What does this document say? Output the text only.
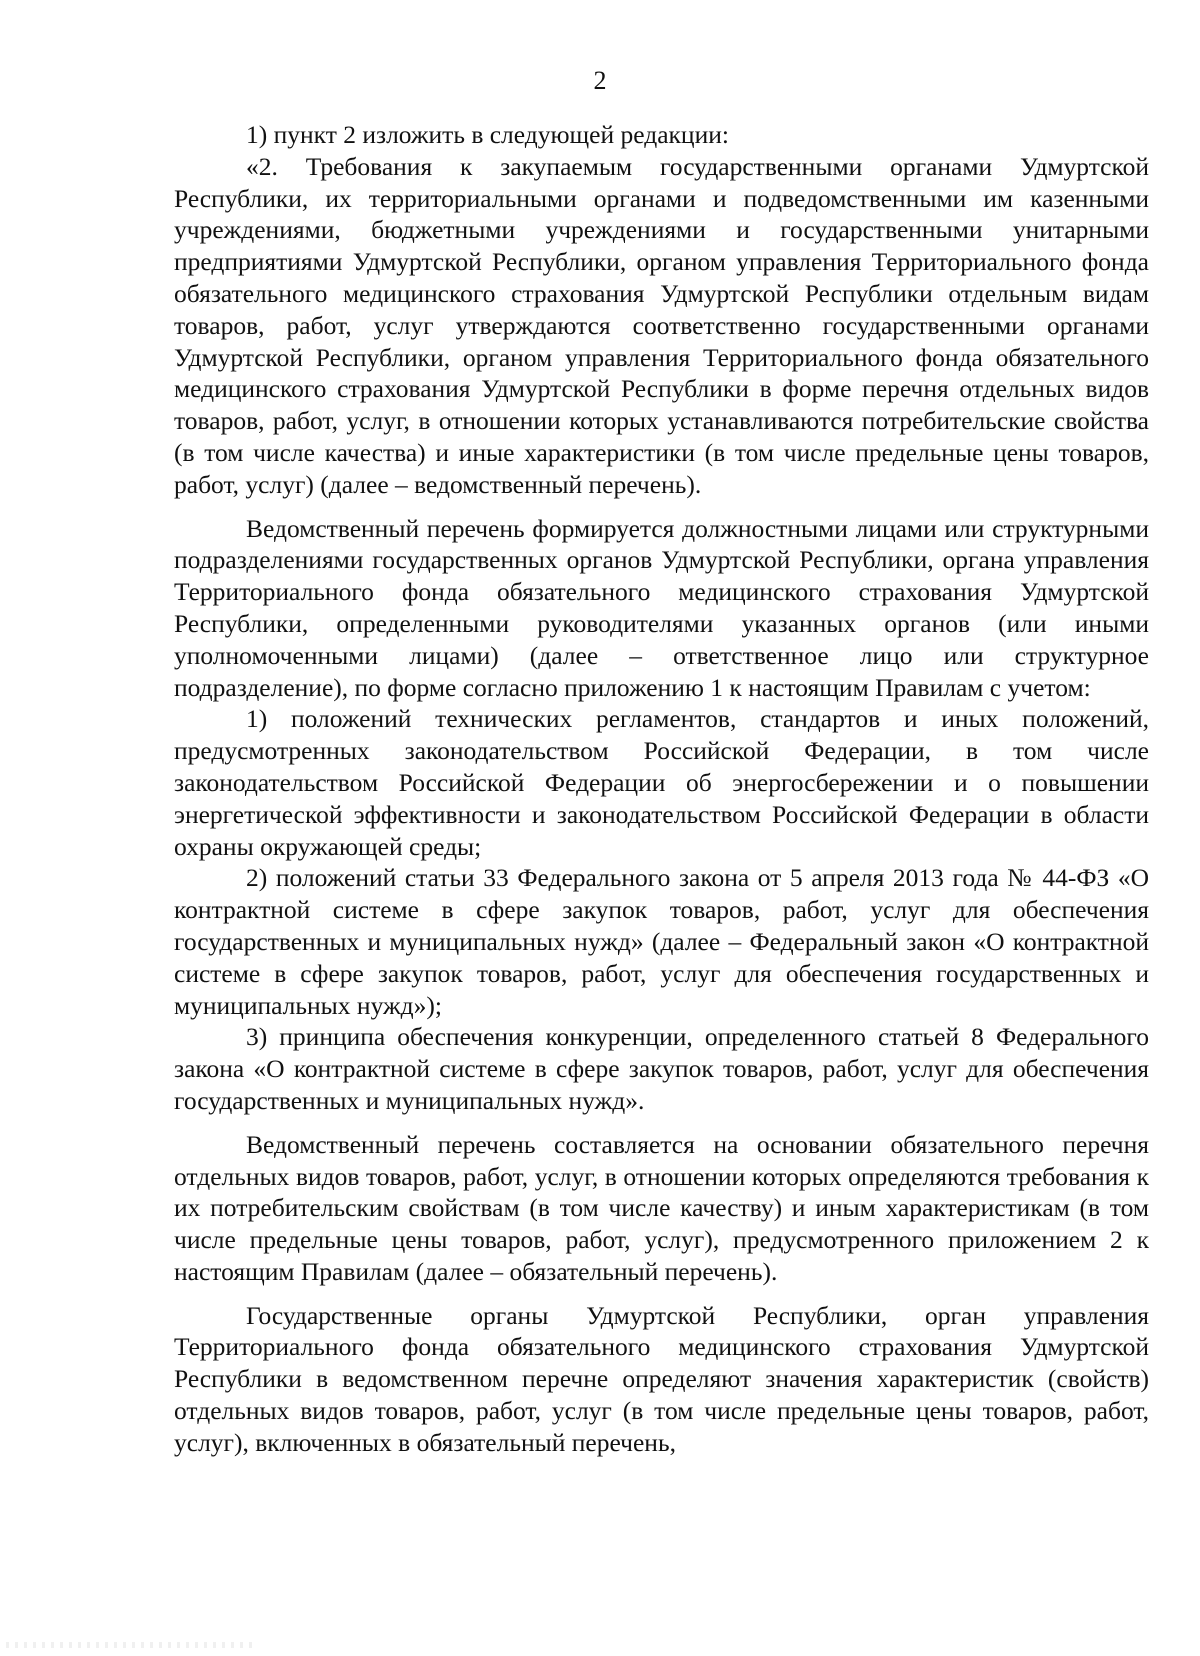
2

1) пункт 2 изложить в следующей редакции:

«2. Требования к закупаемым государственными органами Удмуртской Республики, их территориальными органами и подведомственными им казенными учреждениями, бюджетными учреждениями и государственными унитарными предприятиями Удмуртской Республики, органом управления Территориального фонда обязательного медицинского страхования Удмуртской Республики отдельным видам товаров, работ, услуг утверждаются соответственно государственными органами Удмуртской Республики, органом управления Территориального фонда обязательного медицинского страхования Удмуртской Республики в форме перечня отдельных видов товаров, работ, услуг, в отношении которых устанавливаются потребительские свойства (в том числе качества) и иные характеристики (в том числе предельные цены товаров, работ, услуг) (далее – ведомственный перечень).

Ведомственный перечень формируется должностными лицами или структурными подразделениями государственных органов Удмуртской Республики, органа управления Территориального фонда обязательного медицинского страхования Удмуртской Республики, определенными руководителями указанных органов (или иными уполномоченными лицами) (далее – ответственное лицо или структурное подразделение), по форме согласно приложению 1 к настоящим Правилам с учетом:

1) положений технических регламентов, стандартов и иных положений, предусмотренных законодательством Российской Федерации, в том числе законодательством Российской Федерации об энергосбережении и о повышении энергетической эффективности и законодательством Российской Федерации в области охраны окружающей среды;

2) положений статьи 33 Федерального закона от 5 апреля 2013 года № 44-ФЗ «О контрактной системе в сфере закупок товаров, работ, услуг для обеспечения государственных и муниципальных нужд» (далее – Федеральный закон «О контрактной системе в сфере закупок товаров, работ, услуг для обеспечения государственных и муниципальных нужд»);

3) принципа обеспечения конкуренции, определенного статьей 8 Федерального закона «О контрактной системе в сфере закупок товаров, работ, услуг для обеспечения государственных и муниципальных нужд».

Ведомственный перечень составляется на основании обязательного перечня отдельных видов товаров, работ, услуг, в отношении которых определяются требования к их потребительским свойствам (в том числе качеству) и иным характеристикам (в том числе предельные цены товаров, работ, услуг), предусмотренного приложением 2 к настоящим Правилам (далее – обязательный перечень).

Государственные органы Удмуртской Республики, орган управления Территориального фонда обязательного медицинского страхования Удмуртской Республики в ведомственном перечне определяют значения характеристик (свойств) отдельных видов товаров, работ, услуг (в том числе предельные цены товаров, работ, услуг), включенных в обязательный перечень,
